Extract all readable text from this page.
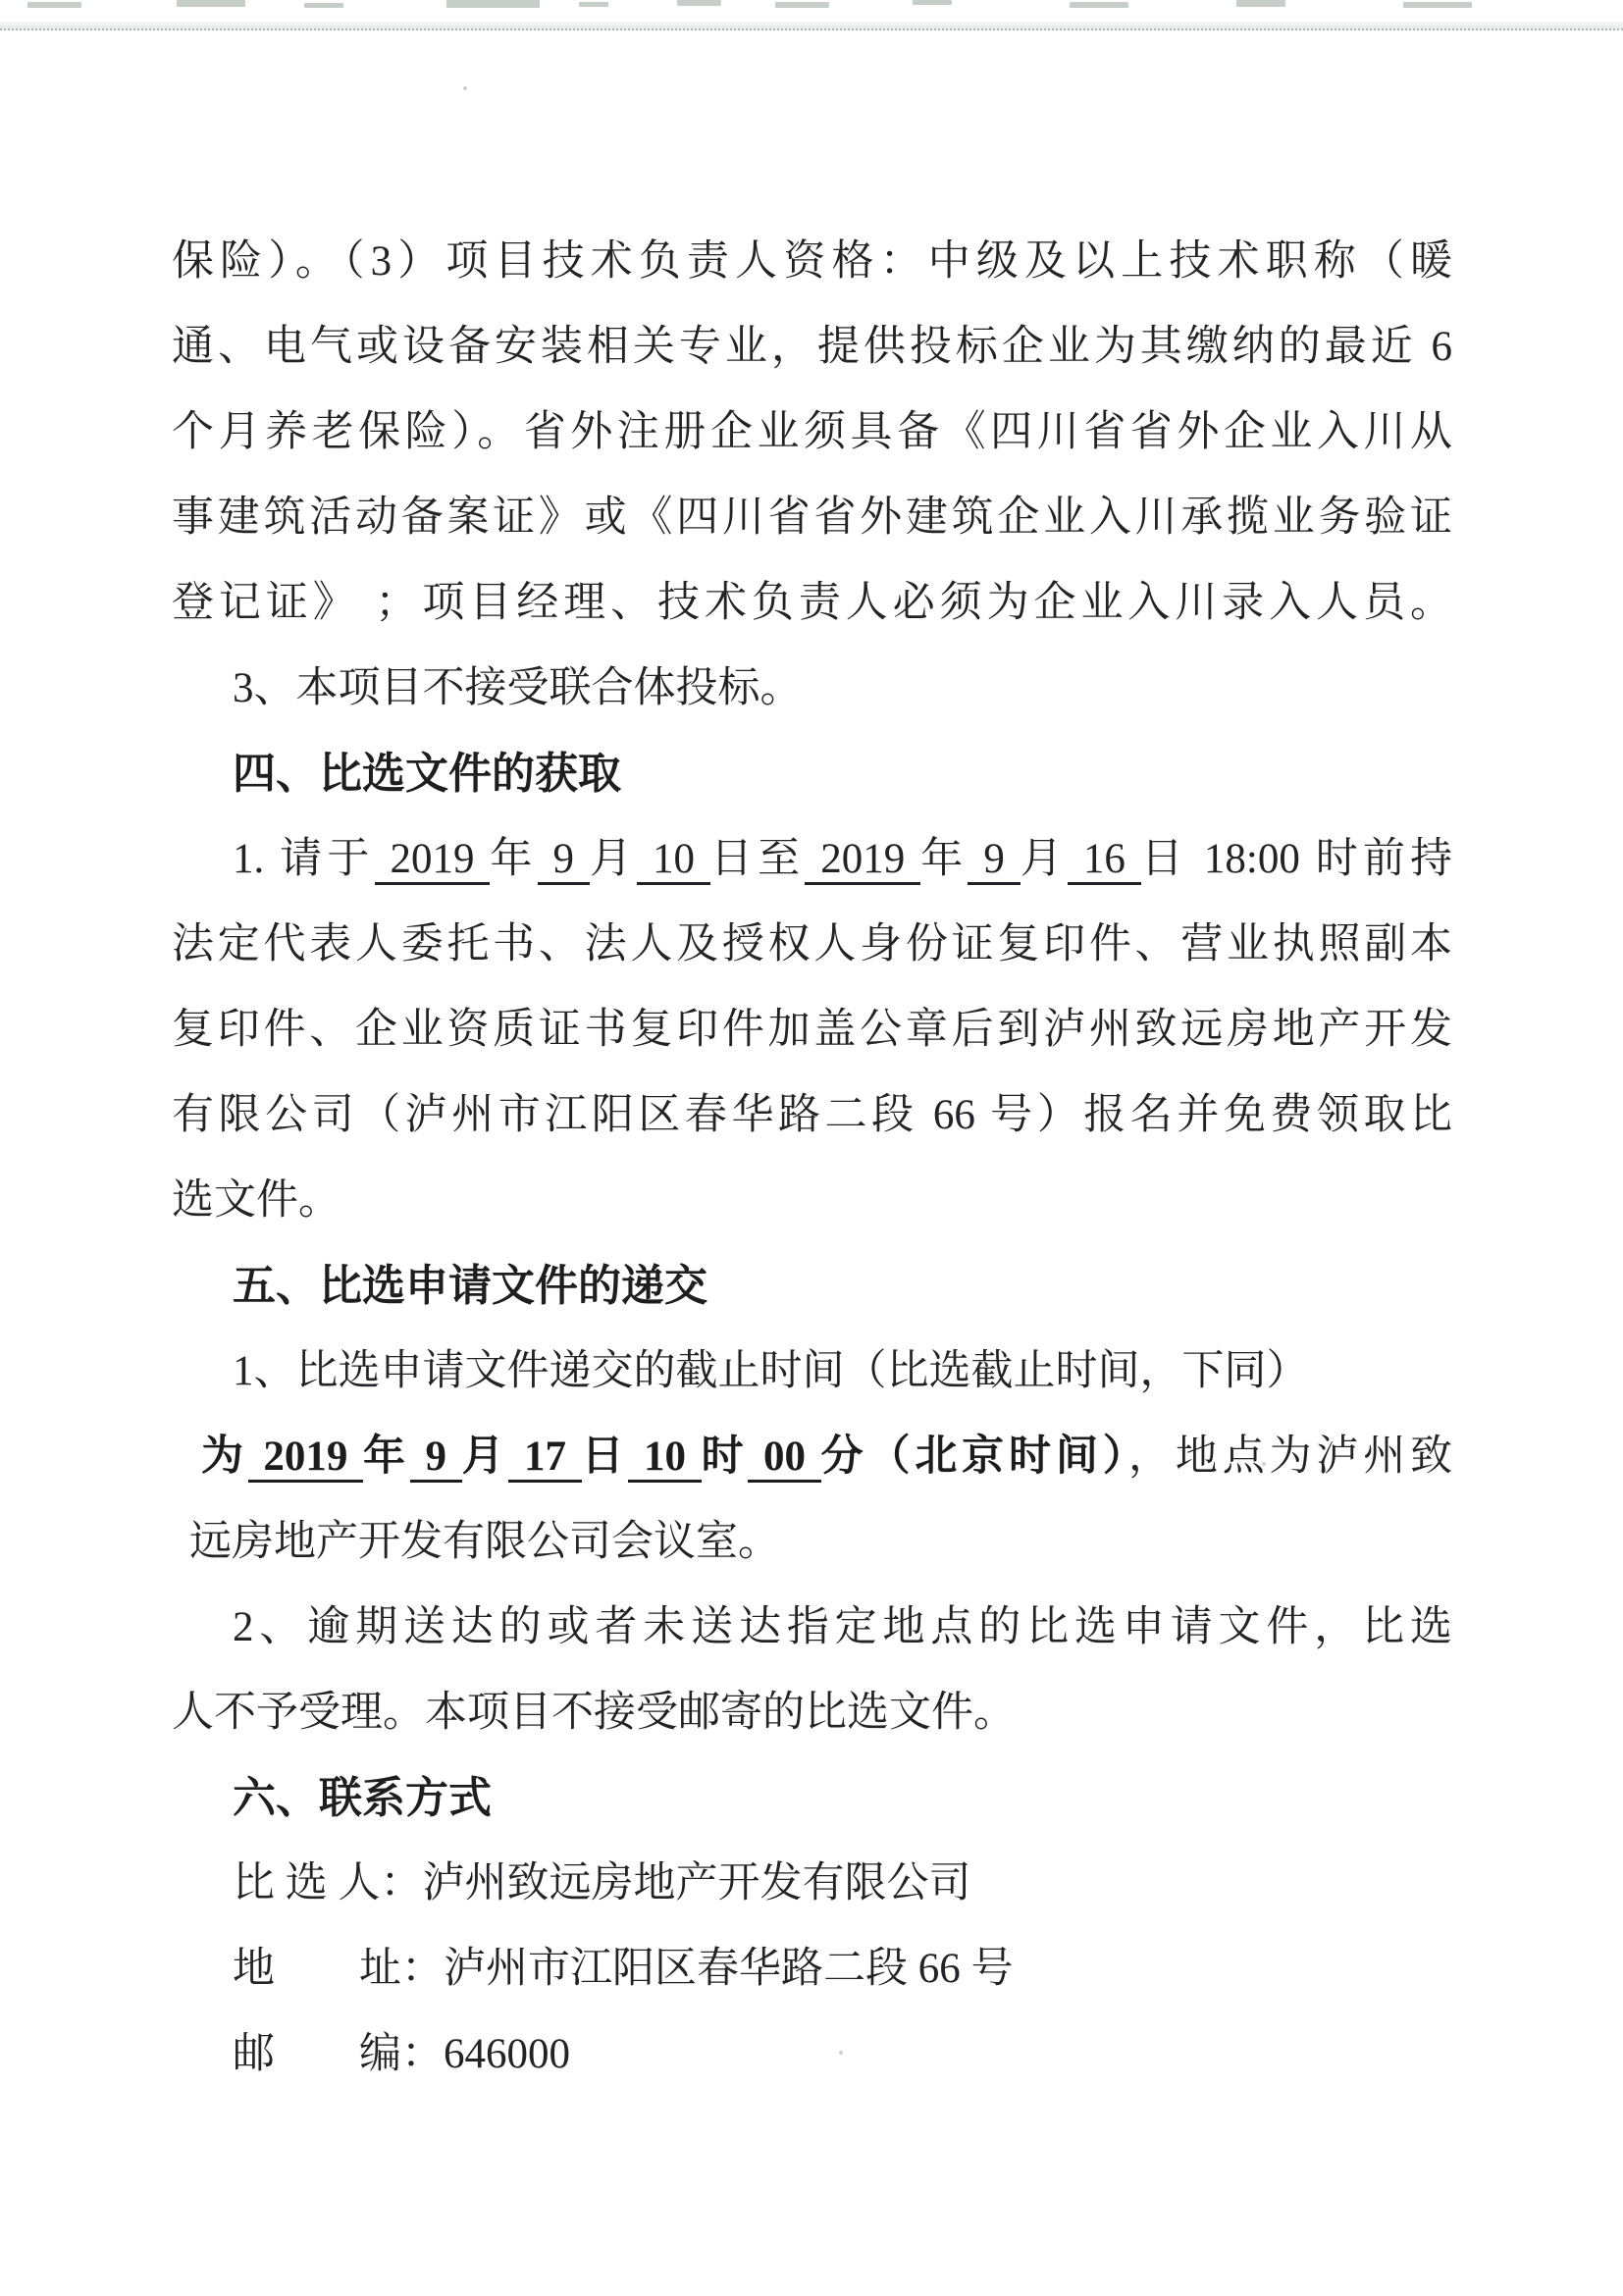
保险）。（3）项目技术负责人资格：中级及以上技术职称（暖
通、电气或设备安装相关专业，提供投标企业为其缴纳的最近 6
个月养老保险）。省外注册企业须具备《四川省省外企业入川从
事建筑活动备案证》或《四川省省外建筑企业入川承揽业务验证
登记证》 ；项目经理、技术负责人必须为企业入川录入人员。
3、本项目不接受联合体投标。
四、比选文件的获取
1. 请于 2019 年 9 月 10 日至 2019 年 9 月 16 日 18:00 时前持
法定代表人委托书、法人及授权人身份证复印件、营业执照副本
复印件、企业资质证书复印件加盖公章后到泸州致远房地产开发
有限公司（泸州市江阳区春华路二段 66 号）报名并免费领取比
选文件。
五、比选申请文件的递交
1、比选申请文件递交的截止时间（比选截止时间，下同）
为 2019 年 9 月 17 日 10 时 00 分（北京时间），地点为泸州致
远房地产开发有限公司会议室。
2、逾期送达的或者未送达指定地点的比选申请文件，比选
人不予受理。本项目不接受邮寄的比选文件。
六、联系方式
比 选 人：泸州致远房地产开发有限公司
地　　址：泸州市江阳区春华路二段 66 号
邮　　编：646000
